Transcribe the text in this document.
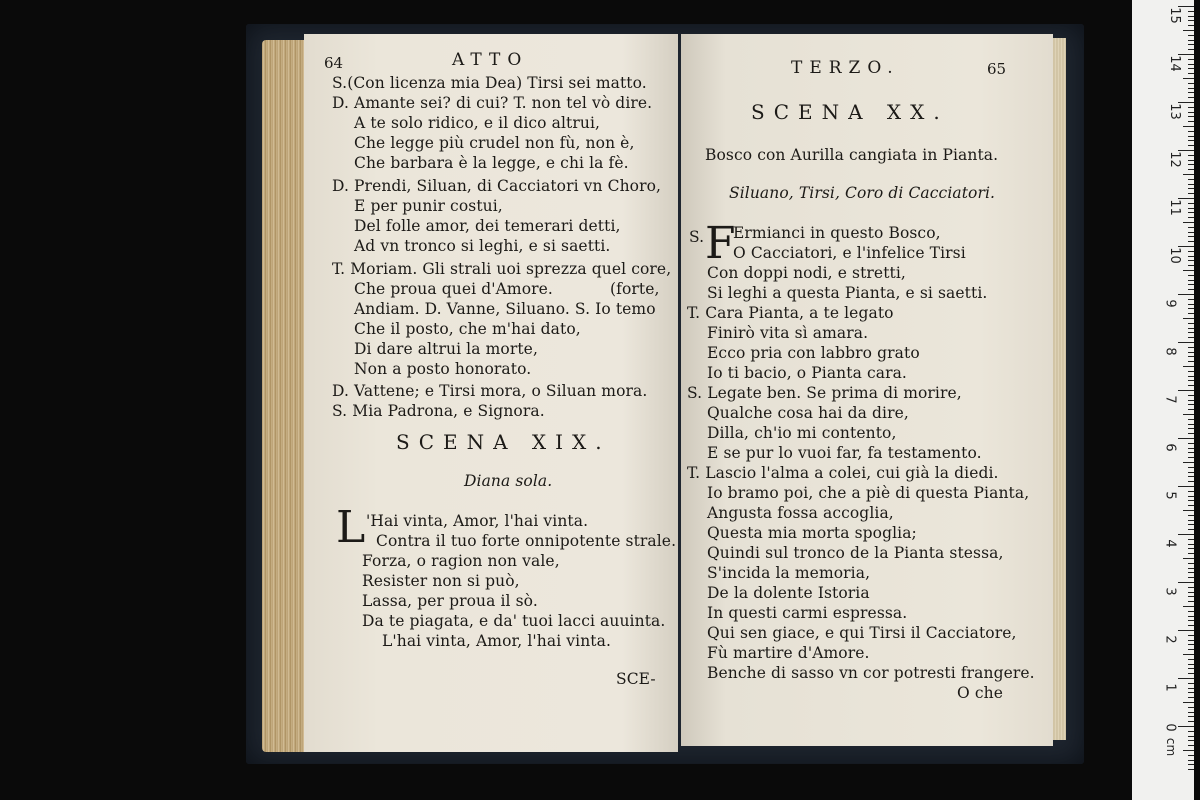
64	ATTO
S.(Con licenza mia Dea) Tirsi sei matto.
D. Amante sei? di cui? T. non tel vò dire.
A te solo ridico, e il dico altrui,
Che legge più crudel non fù, non è,
Che barbara è la legge, e chi la fè.
D. Prendi, Siluan, di Cacciatori vn Choro,
E per punir costui,
Del folle amor, dei temerari detti,
Ad vn tronco si leghi, e si saetti.
T. Moriam. Gli strali uoi sprezza quel core,
Che proua quei d'Amore.	(forte,
Andiam. D. Vanne, Siluano. S. Io temo
Che il posto, che m'hai dato,
Di dare altrui la morte,
Non a posto honorato.
D. Vattene; e Tirsi mora, o Siluan mora.
S. Mia Padrona, e Signora.
SCENA XIX.
Diana sola.
L 'Hai vinta, Amor, l'hai vinta.
Contra il tuo forte onnipotente strale.
Forza, o ragion non vale,
Resister non si può,
Lassa, per proua il sò.
Da te piagata, e da' tuoi lacci auuinta.
L'hai vinta, Amor, l'hai vinta.
SCE-
TERZO.	65
SCENA XX.
Bosco con Aurilla cangiata in Pianta.
Siluano, Tirsi, Coro di Cacciatori.
S. F
Ermianci in questo Bosco,
O Cacciatori, e l'infelice Tirsi
Con doppi nodi, e stretti,
Si leghi a questa Pianta, e si saetti.
T. Cara Pianta, a te legato
Finirò vita sì amara.
Ecco pria con labbro grato
Io ti bacio, o Pianta cara.
S. Legate ben. Se prima di morire,
Qualche cosa hai da dire,
Dilla, ch'io mi contento,
E se pur lo vuoi far, fa testamento.
T. Lascio l'alma a colei, cui già la diedi.
Io bramo poi, che a piè di questa Pianta,
Angusta fossa accoglia,
Questa mia morta spoglia;
Quindi sul tronco de la Pianta stessa,
S'incida la memoria,
De la dolente Istoria
In questi carmi espressa.
Qui sen giace, e qui Tirsi il Cacciatore,
Fù martire d'Amore.
Benche di sasso vn cor potresti frangere.
O che
15
14
13
12
11
10
9
8
7
6
5
4
3
2
1
0
cm
